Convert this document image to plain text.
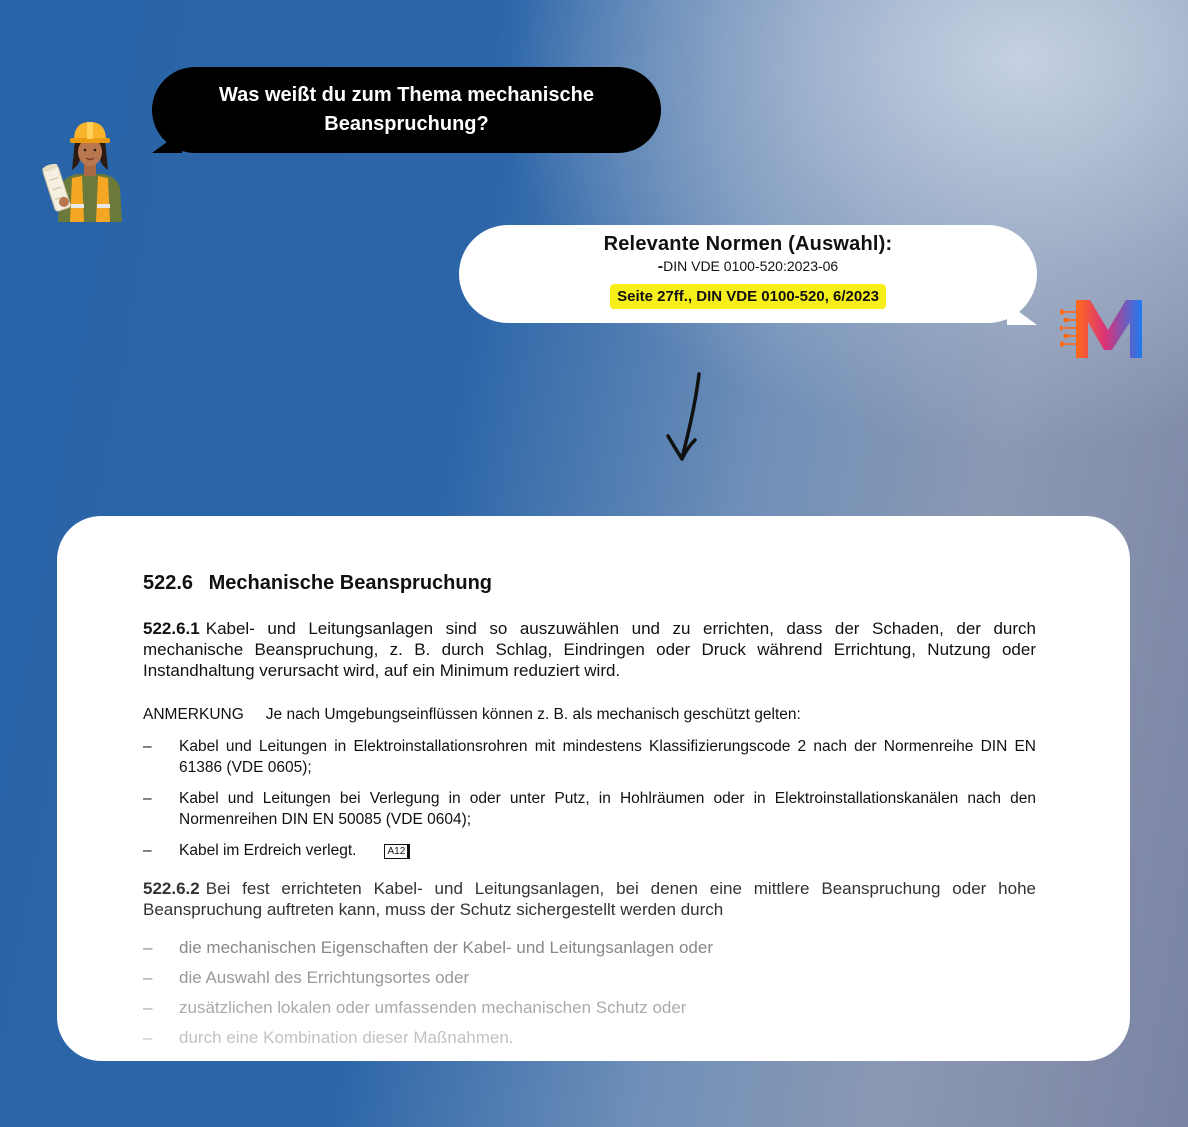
Was weißt du zum Thema mechanische Beanspruchung?
Relevante Normen (Auswahl):
-DIN VDE 0100-520:2023-06
Seite 27ff., DIN VDE 0100-520, 6/2023
522.6 Mechanische Beanspruchung

522.6.1 Kabel- und Leitungsanlagen sind so auszuwählen und zu errichten, dass der Schaden, der durch mechanische Beanspruchung, z. B. durch Schlag, Eindringen oder Druck während Errichtung, Nutzung oder Instandhaltung verursacht wird, auf ein Minimum reduziert wird.

ANMERKUNG Je nach Umgebungseinflüssen können z. B. als mechanisch geschützt gelten:
– Kabel und Leitungen in Elektroinstallationsrohren mit mindestens Klassifizierungscode 2 nach der Normenreihe DIN EN 61386 (VDE 0605);
– Kabel und Leitungen bei Verlegung in oder unter Putz, in Hohlräumen oder in Elektroinstallationskanälen nach den Normenreihen DIN EN 50085 (VDE 0604);
– Kabel im Erdreich verlegt.	A12

522.6.2 Bei fest errichteten Kabel- und Leitungsanlagen, bei denen eine mittlere Beanspruchung oder hohe Beanspruchung auftreten kann, muss der Schutz sichergestellt werden durch

– die mechanischen Eigenschaften der Kabel- und Leitungsanlagen oder
– die Auswahl des Errichtungsortes oder
– zusätzlichen lokalen oder umfassenden mechanischen Schutz oder
– durch eine Kombination dieser Maßnahmen.
